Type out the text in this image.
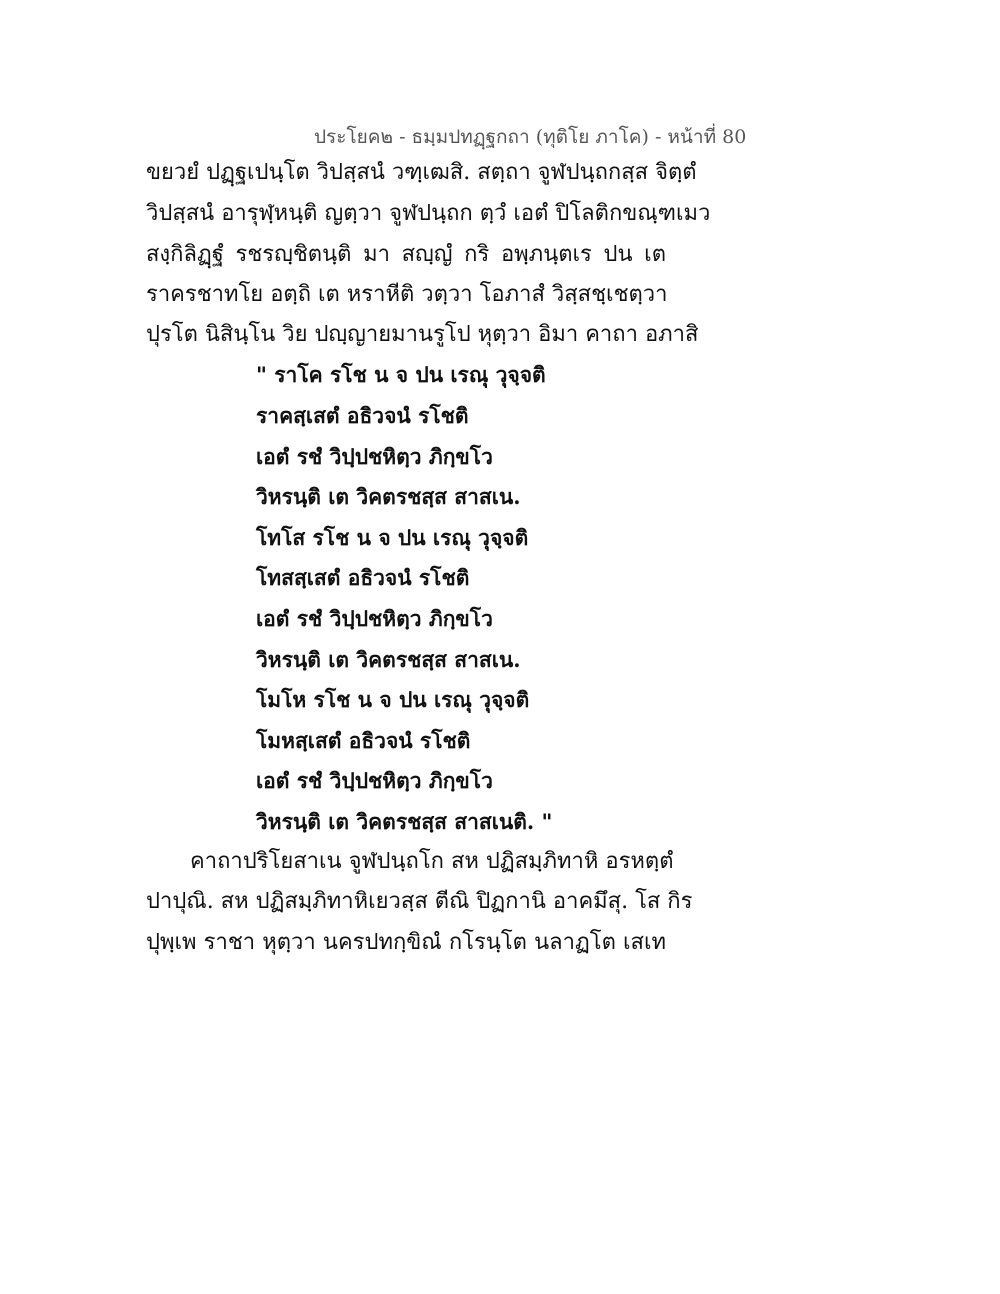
ประโยค๒ - ธมฺมปทฏฺฐกถา (ทุติโย ภาโค) - หน้าที่ 80
ขยวยํ ปฏฺฐเปนฺโต วิปสฺสนํ วฑฺเฒสิ. สตฺถา จูฬปนฺถกสฺส จิตฺตํ
วิปสฺสนํ อารุฬฺหนฺติ ญตฺวา จูฬปนฺถก ตฺวํ เอตํ ปิโลติกขณฺฑเมว
สงฺกิลิฏฺฐํ รชรญฺชิตนฺติ มา สญฺญํ กริ อพฺภนฺตเร ปน เต
ราครชาทโย อตฺถิ เต หราหีติ วตฺวา โอภาสํ วิสฺสชฺเชตฺวา
ปุรโต นิสินฺโน วิย ปญฺญายมานรูโป หุตฺวา อิมา คาถา อภาสิ
" ราโค รโช น จ ปน เรณุ วุจฺจติ
ราคสฺเสตํ อธิวจนํ รโชติ
เอตํ รชํ วิปฺปชหิตฺว ภิกฺขโว
วิหรนฺติ เต วิคตรชสฺส สาสเน.
โทโส รโช น จ ปน เรณุ วุจฺจติ
โทสสฺเสตํ อธิวจนํ รโชติ
เอตํ รชํ วิปฺปชหิตฺว ภิกฺขโว
วิหรนฺติ เต วิคตรชสฺส สาสเน.
โมโห รโช น จ ปน เรณุ วุจฺจติ
โมหสฺเสตํ อธิวจนํ รโชติ
เอตํ รชํ วิปฺปชหิตฺว ภิกฺขโว
วิหรนฺติ เต วิคตรชสฺส สาสเนติ. "
คาถาปริโยสาเน จูฬปนฺถโก สห ปฏิสมฺภิทาหิ อรหตฺตํ
ปาปุณิ. สห ปฏิสมฺภิทาหิเยวสฺส ตีณิ ปิฏกานิ อาคมึสุ. โส กิร
ปุพฺเพ ราชา หุตฺวา นครปทกฺขิณํ กโรนฺโต นลาฏโต เสเท
